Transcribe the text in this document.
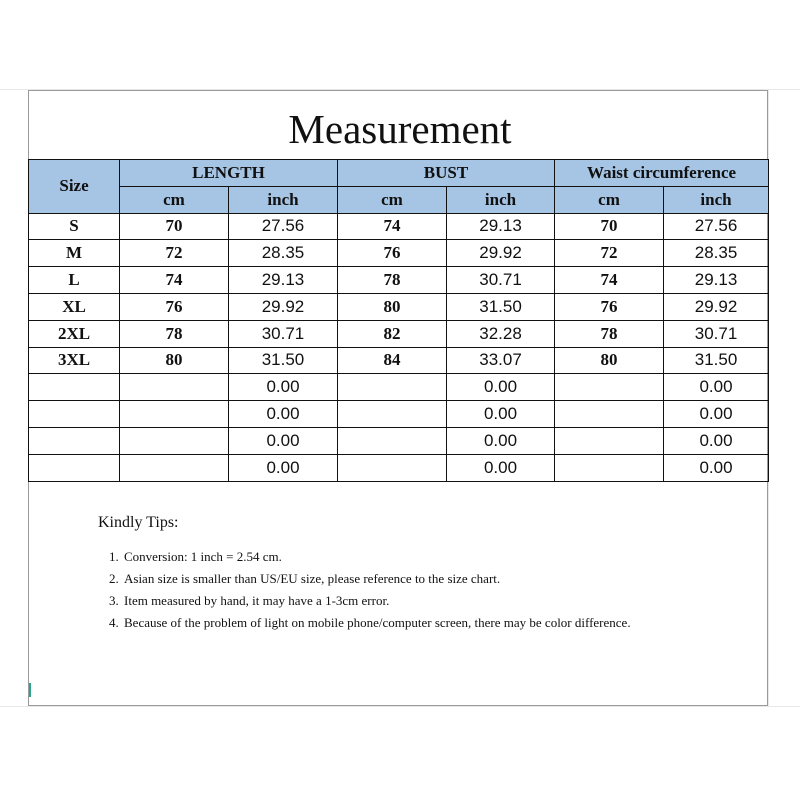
Measurement
Size	LENGTH		BUST		Waist circumference	
	cm	inch	cm	inch	cm	inch
S	70	27.56	74	29.13	70	27.56
M	72	28.35	76	29.92	72	28.35
L	74	29.13	78	30.71	74	29.13
XL	76	29.92	80	31.50	76	29.92
2XL	78	30.71	82	32.28	78	30.71
3XL	80	31.50	84	33.07	80	31.50
		0.00		0.00		0.00
		0.00		0.00		0.00
		0.00		0.00		0.00
		0.00		0.00		0.00
Kindly Tips:
1. Conversion: 1 inch = 2.54 cm.
2. Asian size is smaller than US/EU size, please reference to the size chart.
3. Item measured by hand, it may have a 1-3cm error.
4. Because of the problem of light on mobile phone/computer screen, there may be color difference.
